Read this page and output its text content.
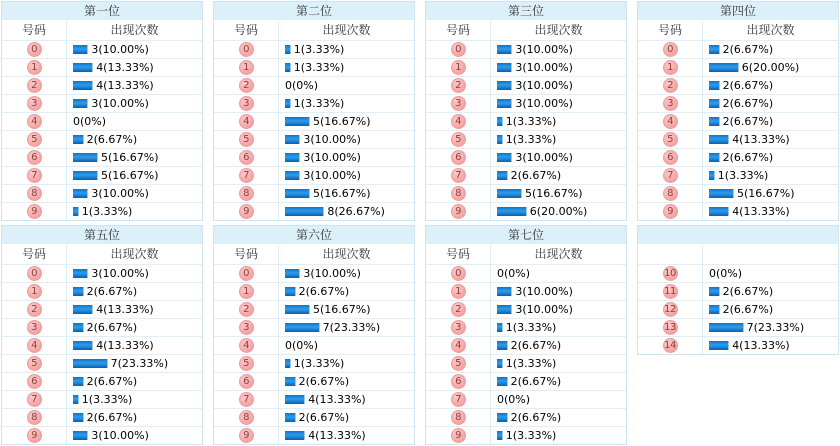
第一位
号码	出现次数
0	3(10.00%)
1	4(13.33%)
2	4(13.33%)
3	3(10.00%)
4	0(0%)
5	2(6.67%)
6	5(16.67%)
7	5(16.67%)
8	3(10.00%)
9	1(3.33%)
第二位
号码	出现次数
0	1(3.33%)
1	1(3.33%)
2	0(0%)
3	1(3.33%)
4	5(16.67%)
5	3(10.00%)
6	3(10.00%)
7	3(10.00%)
8	5(16.67%)
9	8(26.67%)
第三位
号码	出现次数
0	3(10.00%)
1	3(10.00%)
2	3(10.00%)
3	3(10.00%)
4	1(3.33%)
5	1(3.33%)
6	3(10.00%)
7	2(6.67%)
8	5(16.67%)
9	6(20.00%)
第四位
号码	出现次数
0	2(6.67%)
1	6(20.00%)
2	2(6.67%)
3	2(6.67%)
4	2(6.67%)
5	4(13.33%)
6	2(6.67%)
7	1(3.33%)
8	5(16.67%)
9	4(13.33%)
第五位
号码	出现次数
0	3(10.00%)
1	2(6.67%)
2	4(13.33%)
3	2(6.67%)
4	4(13.33%)
5	7(23.33%)
6	2(6.67%)
7	1(3.33%)
8	2(6.67%)
9	3(10.00%)
第六位
号码	出现次数
0	3(10.00%)
1	2(6.67%)
2	5(16.67%)
3	7(23.33%)
4	0(0%)
5	1(3.33%)
6	2(6.67%)
7	4(13.33%)
8	2(6.67%)
9	4(13.33%)
第七位
号码	出现次数
0	0(0%)
1	3(10.00%)
2	3(10.00%)
3	1(3.33%)
4	2(6.67%)
5	1(3.33%)
6	2(6.67%)
7	0(0%)
8	2(6.67%)
9	1(3.33%)
10	0(0%)
11	2(6.67%)
12	2(6.67%)
13	7(23.33%)
14	4(13.33%)
